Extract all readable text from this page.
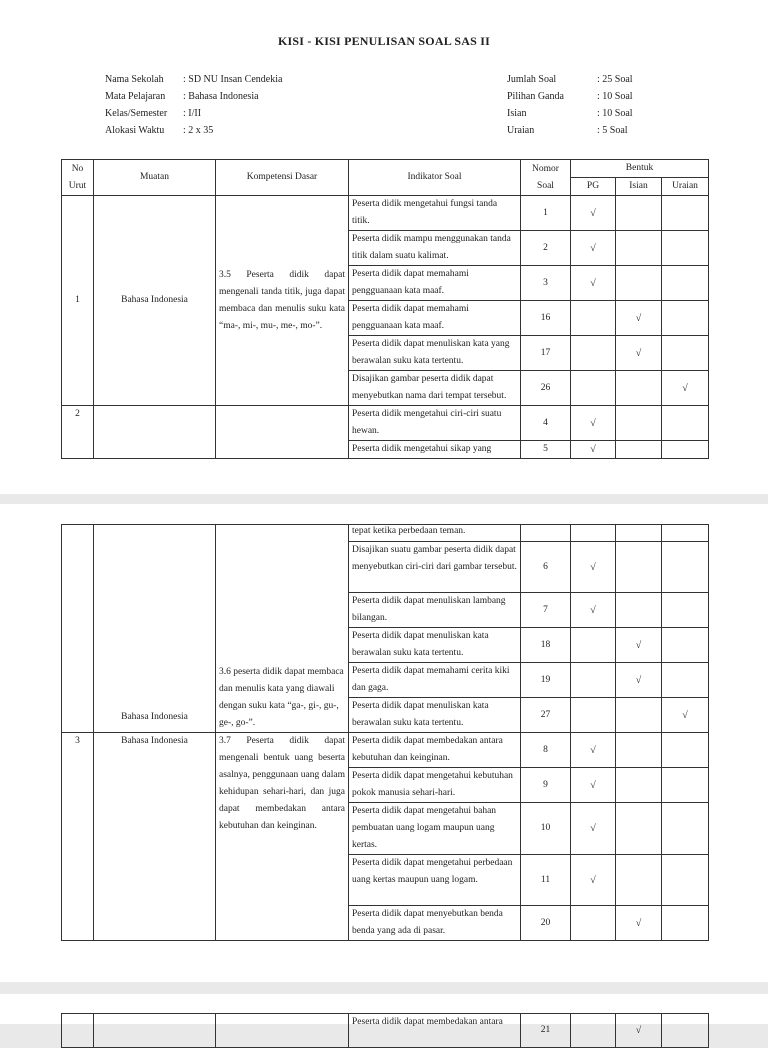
KISI - KISI PENULISAN SOAL SAS II
Nama Sekolah : SD NU Insan Cendekia
Mata Pelajaran : Bahasa Indonesia
Kelas/Semester : I/II
Alokasi Waktu : 2 x 35
Jumlah Soal	: 25 Soal
Pilihan Ganda	: 10 Soal
Isian	: 10 Soal
Uraian	: 5 Soal
No Urut	Muatan	Kompetensi Dasar	Indikator Soal	Nomor Soal	Bentuk		
					PG	Isian	Uraian
1	Bahasa Indonesia	3.5 Peserta didik dapat mengenali tanda titik, juga dapat membaca dan menulis suku kata “ma-, mi-, mu-, me-, mo-”.	Peserta didik mengetahui fungsi tanda titik.	1	√		
			Peserta didik mampu menggunakan tanda titik dalam suatu kalimat.	2	√		
			Peserta didik dapat memahami pengguanaan kata maaf.	3	√		
			Peserta didik dapat memahami pengguanaan kata maaf.	16		√	
			Peserta didik dapat menuliskan kata yang berawalan suku kata tertentu.	17		√	
			Disajikan gambar peserta didik dapat menyebutkan nama dari tempat tersebut.	26			√
2			Peserta didik mengetahui ciri-ciri suatu hewan.	4	√		
			Peserta didik mengetahui sikap yang	5	√		
	Bahasa Indonesia	3.6 peserta didik dapat membaca dan menulis kata yang diawali dengan suku kata “ga-, gi-, gu-, ge-, go-”.	tepat ketika perbedaan teman.				
			Disajikan suatu gambar peserta didik dapat menyebutkan ciri-ciri dari gambar tersebut.	6	√		
			Peserta didik dapat menuliskan lambang bilangan.	7	√		
			Peserta didik dapat menuliskan kata berawalan suku kata tertentu.	18		√	
			Peserta didik dapat memahami cerita kiki dan gaga.	19		√	
			Peserta didik dapat menuliskan kata berawalan suku kata tertentu.	27			√
3	Bahasa Indonesia	3.7 Peserta didik dapat mengenali bentuk uang beserta asalnya, penggunaan uang dalam kehidupan sehari-hari, dan juga dapat membedakan antara kebutuhan dan keinginan.	Peserta didik dapat membedakan antara kebutuhan dan keinginan.	8	√		
			Peserta didik dapat mengetahui kebutuhan pokok manusia sehari-hari.	9	√		
			Peserta didik dapat mengetahui bahan pembuatan uang logam maupun uang kertas.	10	√		
			Peserta didik dapat mengetahui perbedaan uang kertas maupun uang logam.	11	√		
			Peserta didik dapat menyebutkan benda benda yang ada di pasar.	20		√	
			Peserta didik dapat membedakan antara	21		√	
